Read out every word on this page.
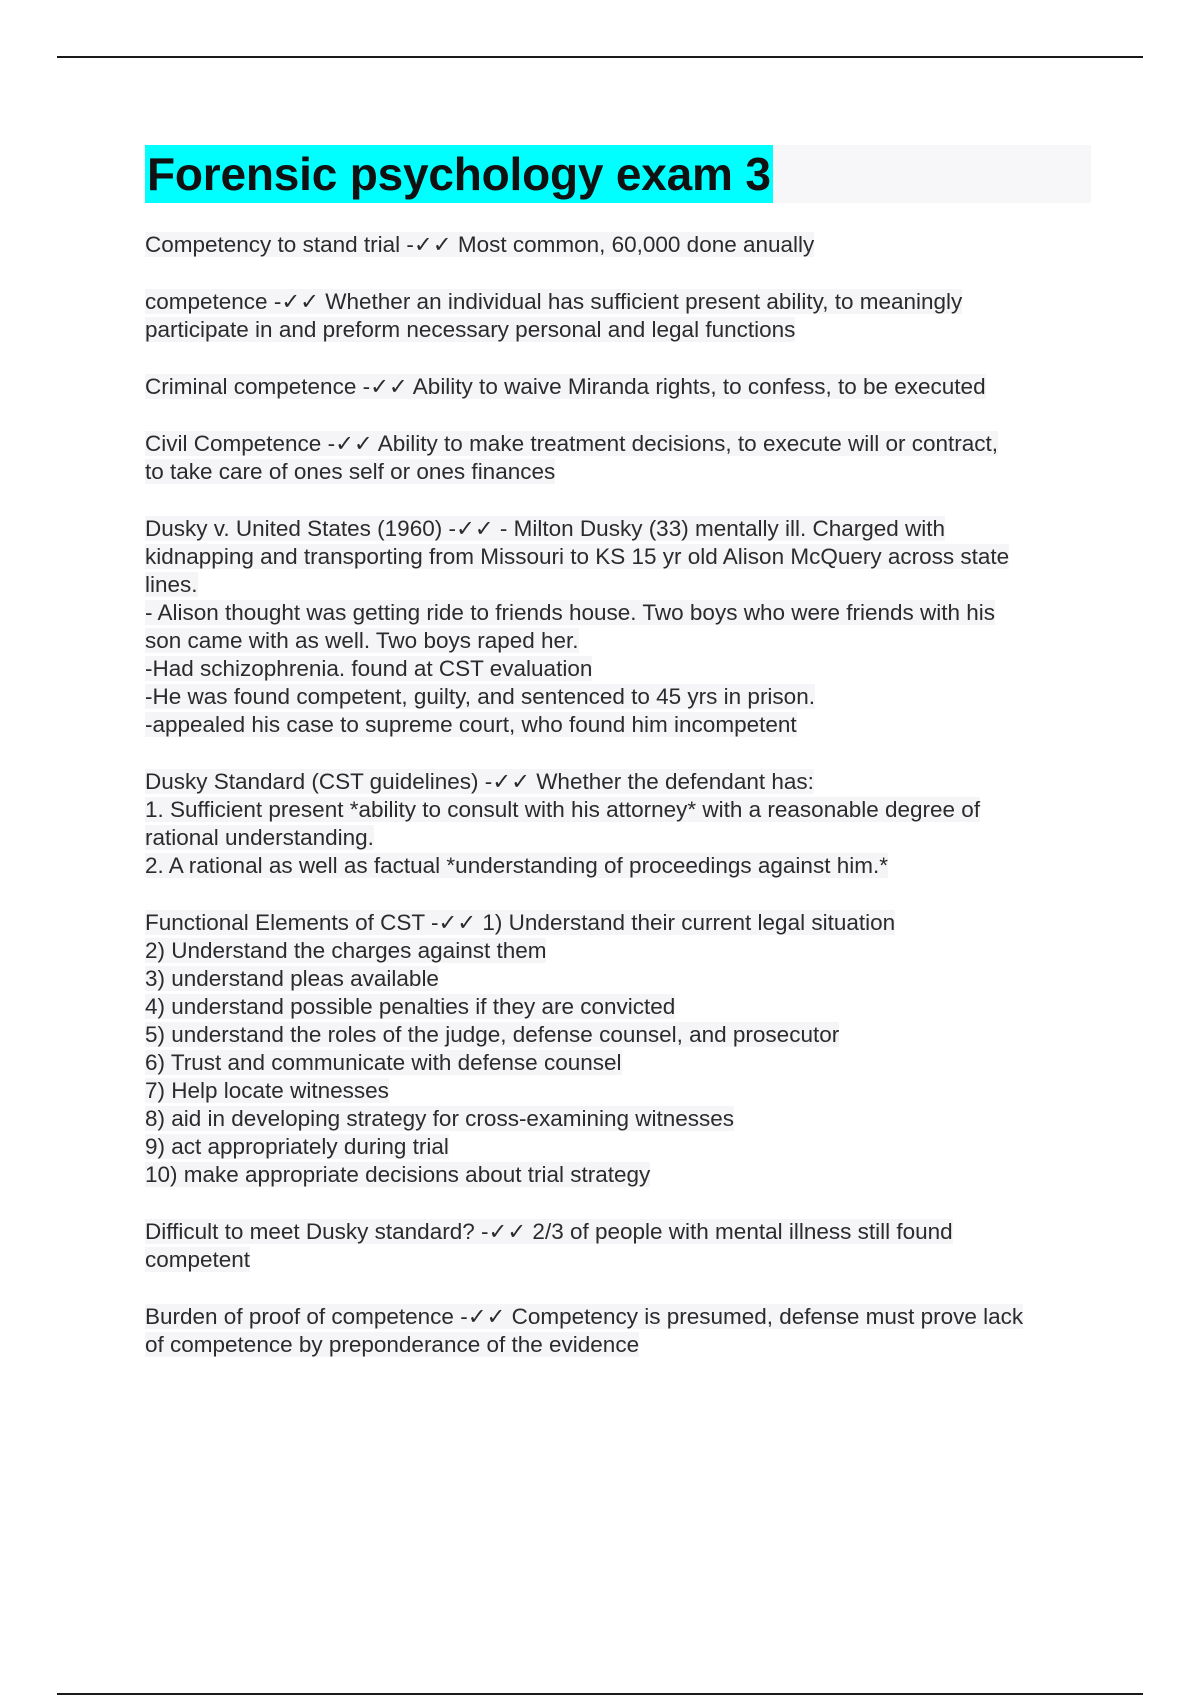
Forensic psychology exam 3
Competency to stand trial -✓✓ Most common, 60,000 done anually
competence -✓✓ Whether an individual has sufficient present ability, to meaningly
participate in and preform necessary personal and legal functions
Criminal competence -✓✓ Ability to waive Miranda rights, to confess, to be executed
Civil Competence -✓✓ Ability to make treatment decisions, to execute will or contract,
to take care of ones self or ones finances
Dusky v. United States (1960) -✓✓ - Milton Dusky (33) mentally ill. Charged with
kidnapping and transporting from Missouri to KS 15 yr old Alison McQuery across state
lines.
- Alison thought was getting ride to friends house. Two boys who were friends with his
son came with as well. Two boys raped her.
-Had schizophrenia. found at CST evaluation
-He was found competent, guilty, and sentenced to 45 yrs in prison.
-appealed his case to supreme court, who found him incompetent
Dusky Standard (CST guidelines) -✓✓ Whether the defendant has:
1. Sufficient present *ability to consult with his attorney* with a reasonable degree of
rational understanding.
2. A rational as well as factual *understanding of proceedings against him.*
Functional Elements of CST -✓✓ 1) Understand their current legal situation
2) Understand the charges against them
3) understand pleas available
4) understand possible penalties if they are convicted
5) understand the roles of the judge, defense counsel, and prosecutor
6) Trust and communicate with defense counsel
7) Help locate witnesses
8) aid in developing strategy for cross-examining witnesses
9) act appropriately during trial
10) make appropriate decisions about trial strategy
Difficult to meet Dusky standard? -✓✓ 2/3 of people with mental illness still found
competent
Burden of proof of competence -✓✓ Competency is presumed, defense must prove lack
of competence by preponderance of the evidence
